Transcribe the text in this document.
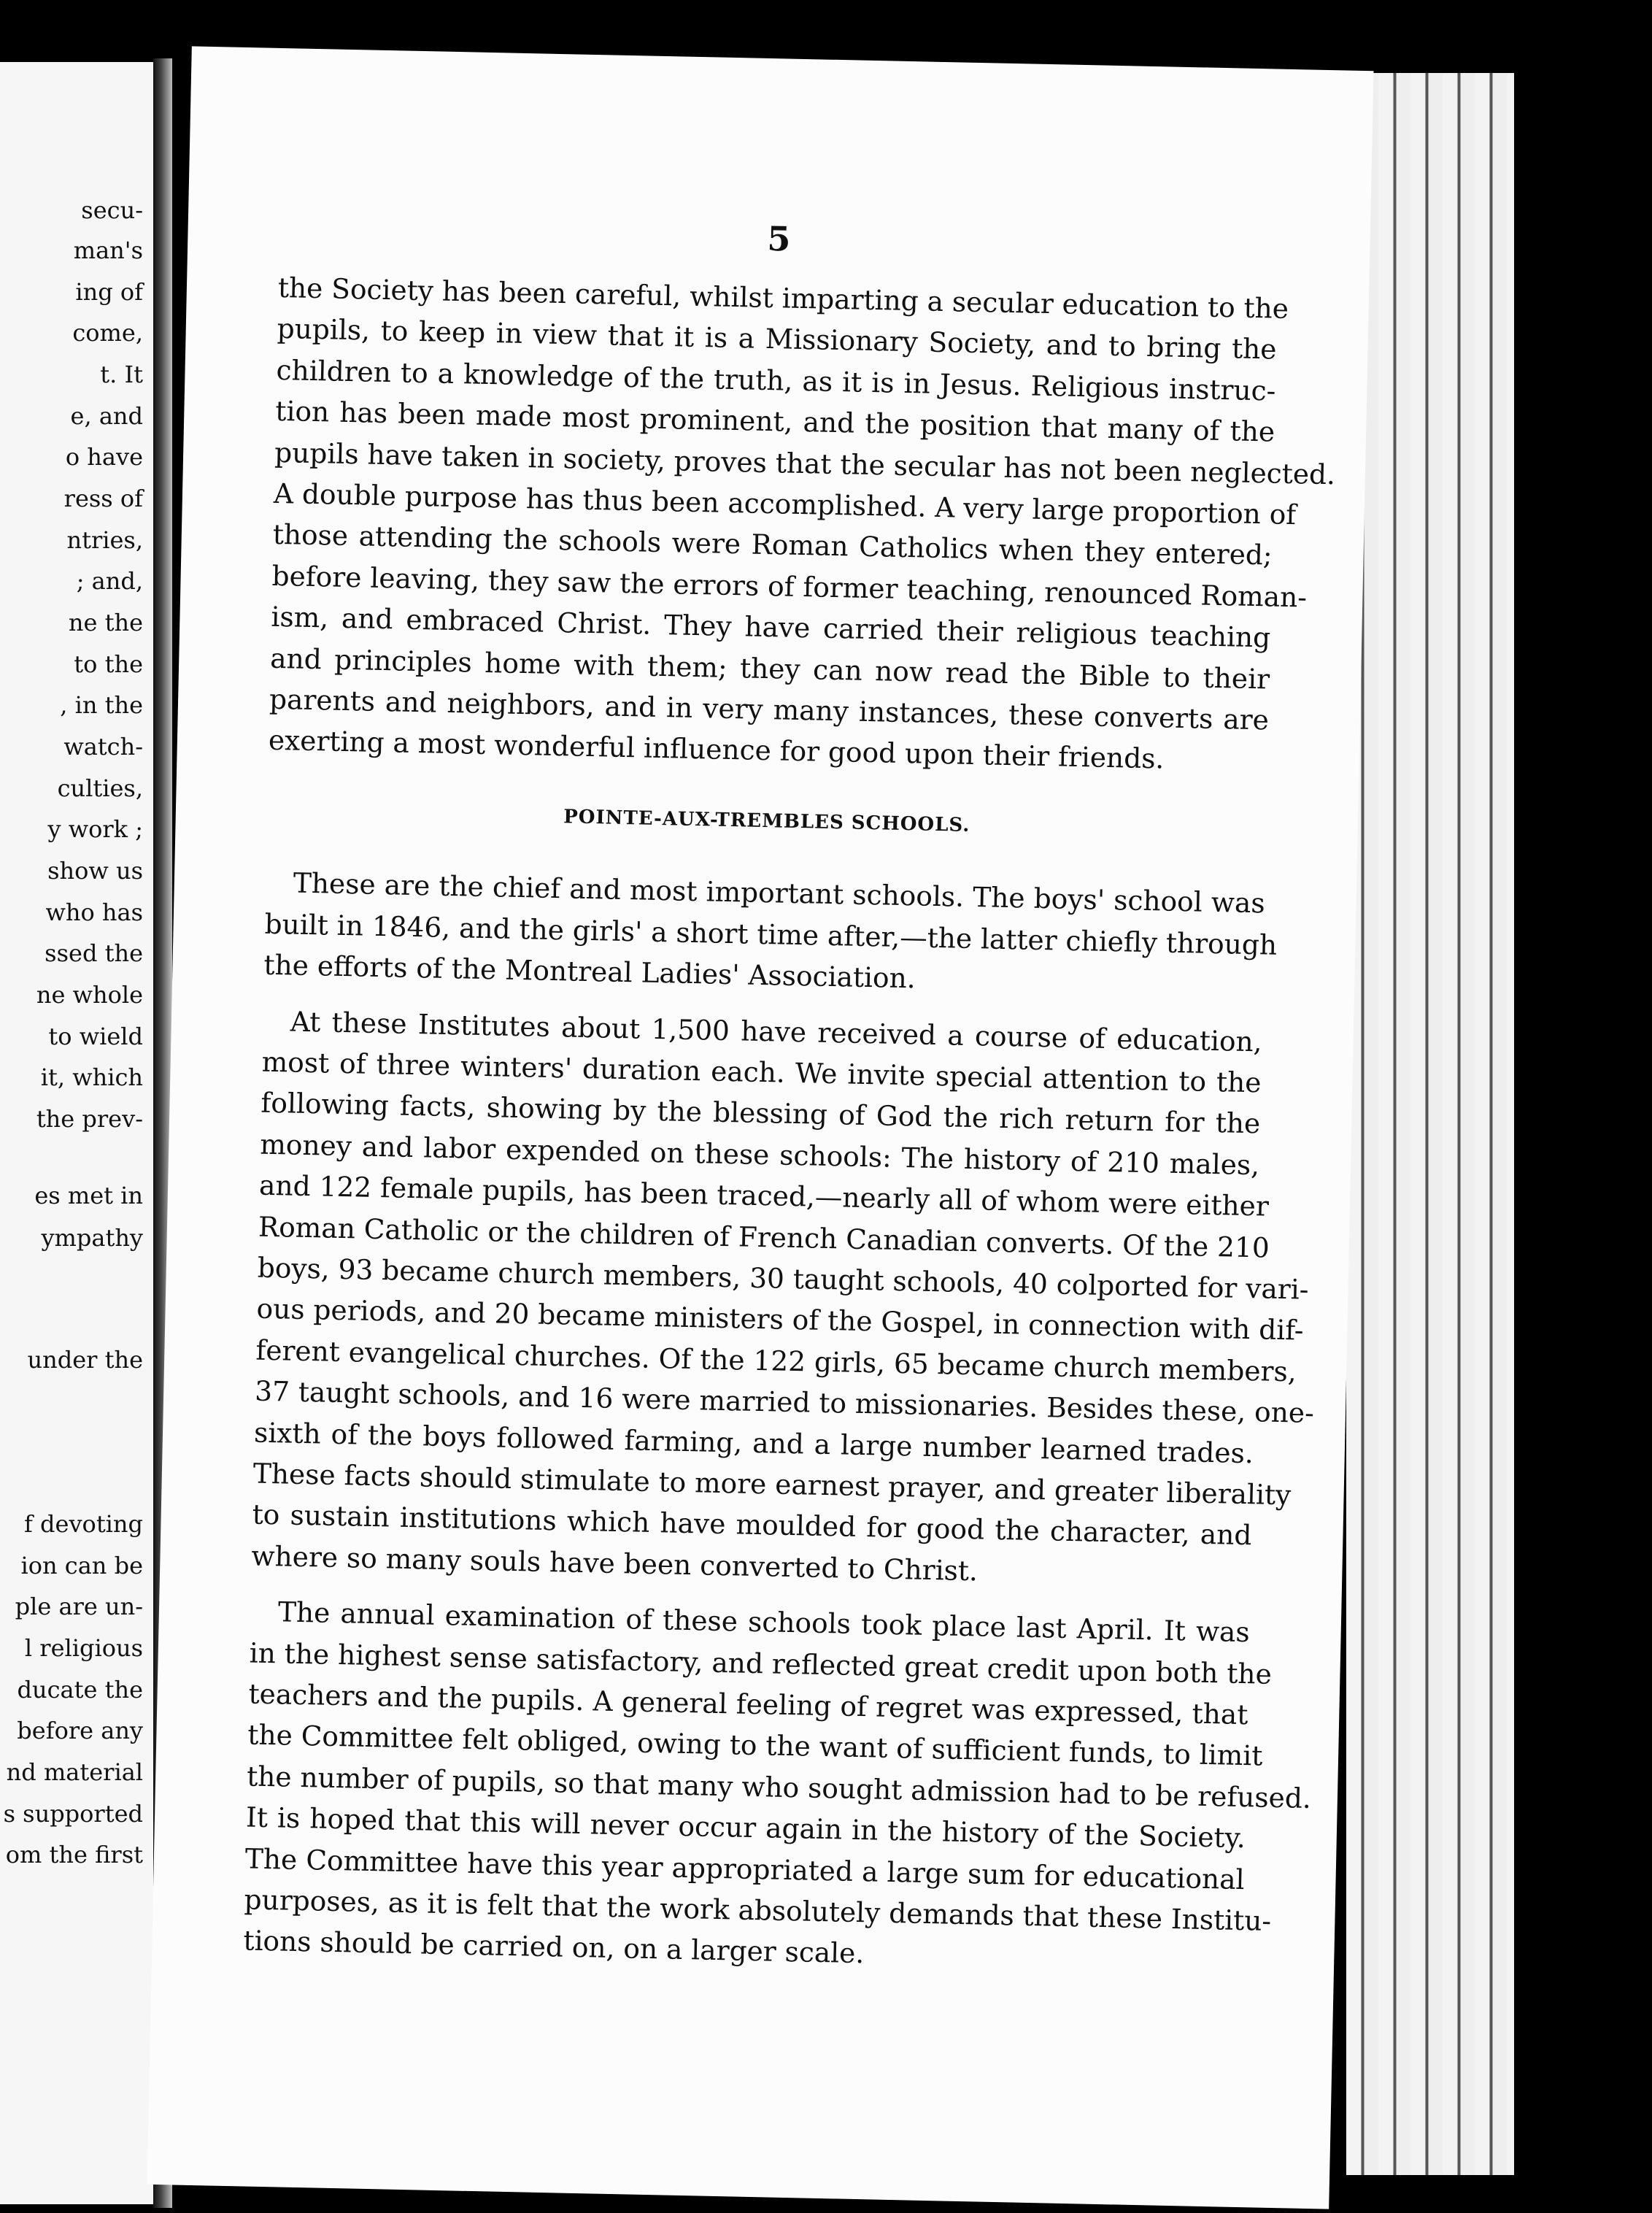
secu-
man's
ing of
come,
t. It
e, and
o have
ress of
ntries,
; and,
ne the
to the
, in the
watch-
culties,
y work ;
show us
who has
ssed the
ne whole
to wield
it, which
the prev-
es met in
ympathy
under the
f devoting
ion can be
ple are un-
l religious
ducate the
before any
nd material
s supported
om the first
5
the Society has been careful, whilst imparting a secular education to the
pupils, to keep in view that it is a Missionary Society, and to bring the
children to a knowledge of the truth, as it is in Jesus. Religious instruc-
tion has been made most prominent, and the position that many of the
pupils have taken in society, proves that the secular has not been neglected.
A double purpose has thus been accomplished. A very large proportion of
those attending the schools were Roman Catholics when they entered;
before leaving, they saw the errors of former teaching, renounced Roman-
ism, and embraced Christ. They have carried their religious teaching
and principles home with them; they can now read the Bible to their
parents and neighbors, and in very many instances, these converts are
exerting a most wonderful influence for good upon their friends.
POINTE-AUX-TREMBLES SCHOOLS.
These are the chief and most important schools. The boys' school was
built in 1846, and the girls' a short time after,—the latter chiefly through
the efforts of the Montreal Ladies' Association.
At these Institutes about 1,500 have received a course of education,
most of three winters' duration each. We invite special attention to the
following facts, showing by the blessing of God the rich return for the
money and labor expended on these schools: The history of 210 males,
and 122 female pupils, has been traced,—nearly all of whom were either
Roman Catholic or the children of French Canadian converts. Of the 210
boys, 93 became church members, 30 taught schools, 40 colported for vari-
ous periods, and 20 became ministers of the Gospel, in connection with dif-
ferent evangelical churches. Of the 122 girls, 65 became church members,
37 taught schools, and 16 were married to missionaries. Besides these, one-
sixth of the boys followed farming, and a large number learned trades.
These facts should stimulate to more earnest prayer, and greater liberality
to sustain institutions which have moulded for good the character, and
where so many souls have been converted to Christ.
The annual examination of these schools took place last April. It was
in the highest sense satisfactory, and reflected great credit upon both the
teachers and the pupils. A general feeling of regret was expressed, that
the Committee felt obliged, owing to the want of sufficient funds, to limit
the number of pupils, so that many who sought admission had to be refused.
It is hoped that this will never occur again in the history of the Society.
The Committee have this year appropriated a large sum for educational
purposes, as it is felt that the work absolutely demands that these Institu-
tions should be carried on, on a larger scale.
